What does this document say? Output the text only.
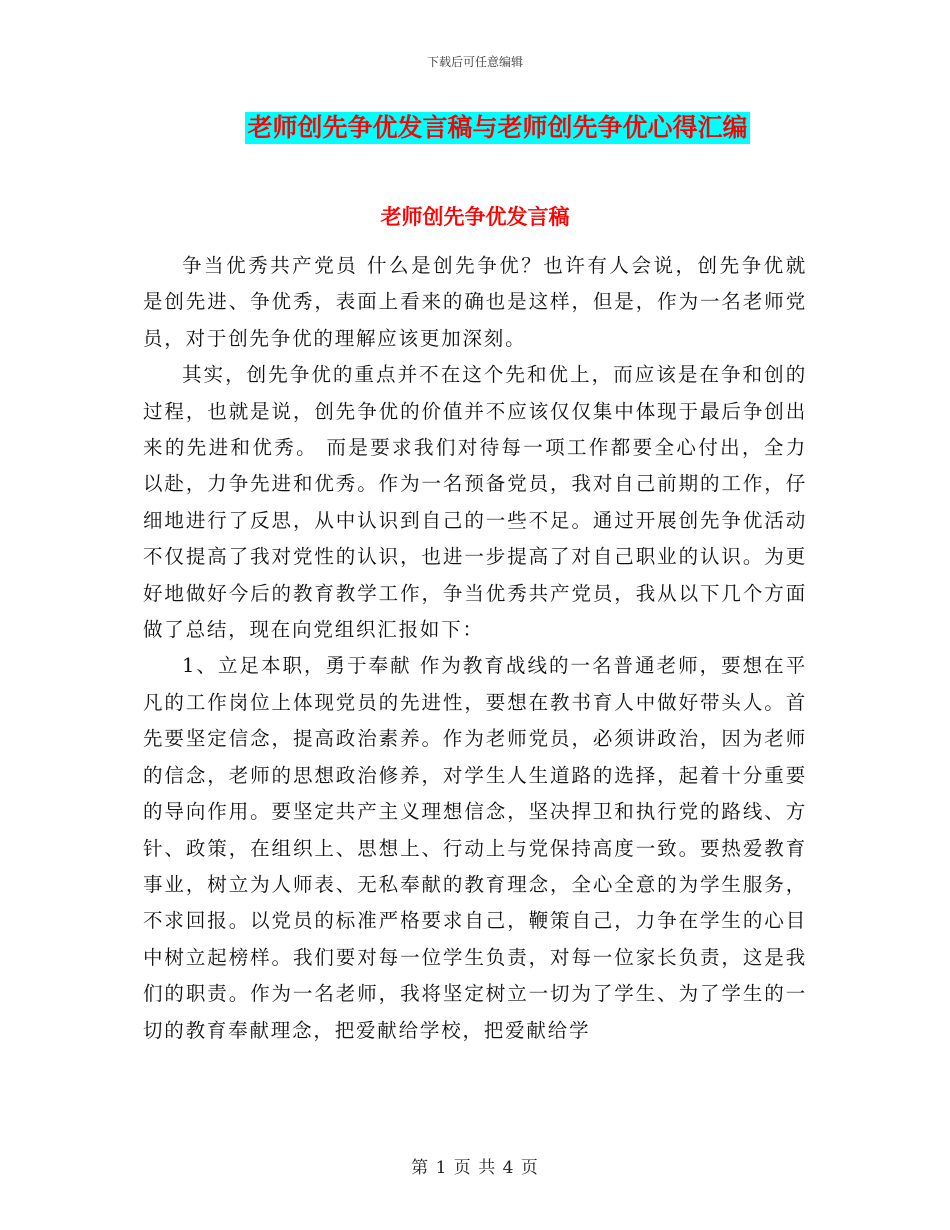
下载后可任意编辑
老师创先争优发言稿与老师创先争优心得汇编
老师创先争优发言稿

争当优秀共产党员 什么是创先争优？也许有人会说，创先争优就是创先进、争优秀，表面上看来的确也是这样，但是，作为一名老师党员，对于创先争优的理解应该更加深刻。

其实，创先争优的重点并不在这个先和优上，而应该是在争和创的过程，也就是说，创先争优的价值并不应该仅仅集中体现于最后争创出来的先进和优秀。 而是要求我们对待每一项工作都要全心付出，全力以赴，力争先进和优秀。作为一名预备党员，我对自己前期的工作，仔细地进行了反思，从中认识到自己的一些不足。通过开展创先争优活动不仅提高了我对党性的认识，也进一步提高了对自己职业的认识。为更好地做好今后的教育教学工作，争当优秀共产党员，我从以下几个方面做了总结，现在向党组织汇报如下：

1、立足本职，勇于奉献 作为教育战线的一名普通老师，要想在平凡的工作岗位上体现党员的先进性，要想在教书育人中做好带头人。首先要坚定信念，提高政治素养。作为老师党员，必须讲政治，因为老师的信念，老师的思想政治修养，对学生人生道路的选择，起着十分重要的导向作用。要坚定共产主义理想信念，坚决捍卫和执行党的路线、方针、政策，在组织上、思想上、行动上与党保持高度一致。要热爱教育事业，树立为人师表、无私奉献的教育理念，全心全意的为学生服务，不求回报。以党员的标准严格要求自己，鞭策自己，力争在学生的心目中树立起榜样。我们要对每一位学生负责，对每一位家长负责，这是我们的职责。作为一名老师，我将坚定树立一切为了学生、为了学生的一切的教育奉献理念，把爱献给学校，把爱献给学

第 1 页 共 4 页
